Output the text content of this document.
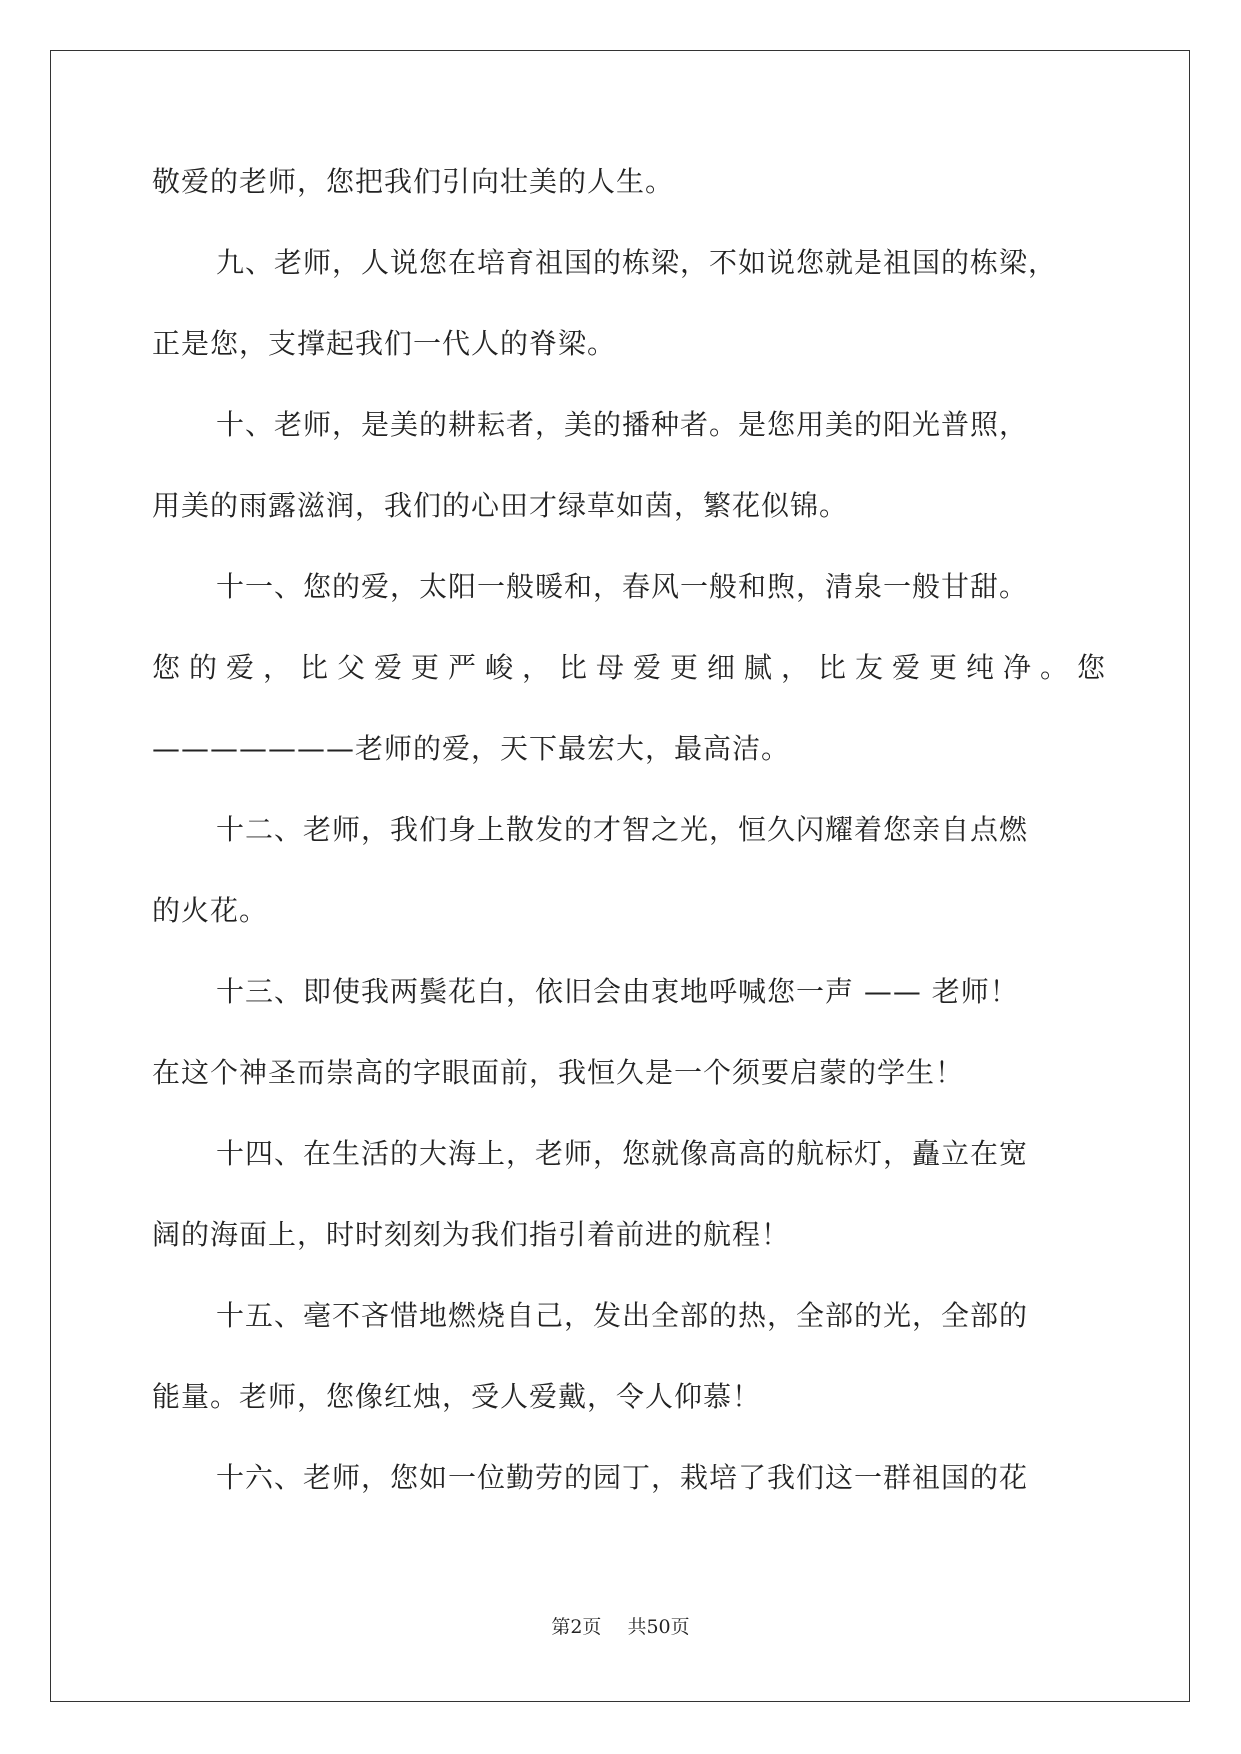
敬爱的老师，您把我们引向壮美的人生。
九、老师，人说您在培育祖国的栋梁，不如说您就是祖国的栋梁，
正是您，支撑起我们一代人的脊梁。
十、老师，是美的耕耘者，美的播种者。是您用美的阳光普照，
用美的雨露滋润，我们的心田才绿草如茵，繁花似锦。
十一、您的爱，太阳一般暖和，春风一般和煦，清泉一般甘甜。
您的爱，比父爱更严峻，比母爱更细腻，比友爱更纯净。您
———————老师的爱，天下最宏大，最高洁。
十二、老师，我们身上散发的才智之光，恒久闪耀着您亲自点燃
的火花。
十三、即使我两鬓花白，依旧会由衷地呼喊您一声 —— 老师！
在这个神圣而崇高的字眼面前，我恒久是一个须要启蒙的学生！
十四、在生活的大海上，老师，您就像高高的航标灯，矗立在宽
阔的海面上，时时刻刻为我们指引着前进的航程！
十五、毫不吝惜地燃烧自己，发出全部的热，全部的光，全部的
能量。老师，您像红烛，受人爱戴，令人仰慕！
十六、老师，您如一位勤劳的园丁，栽培了我们这一群祖国的花
第2页 共50页
